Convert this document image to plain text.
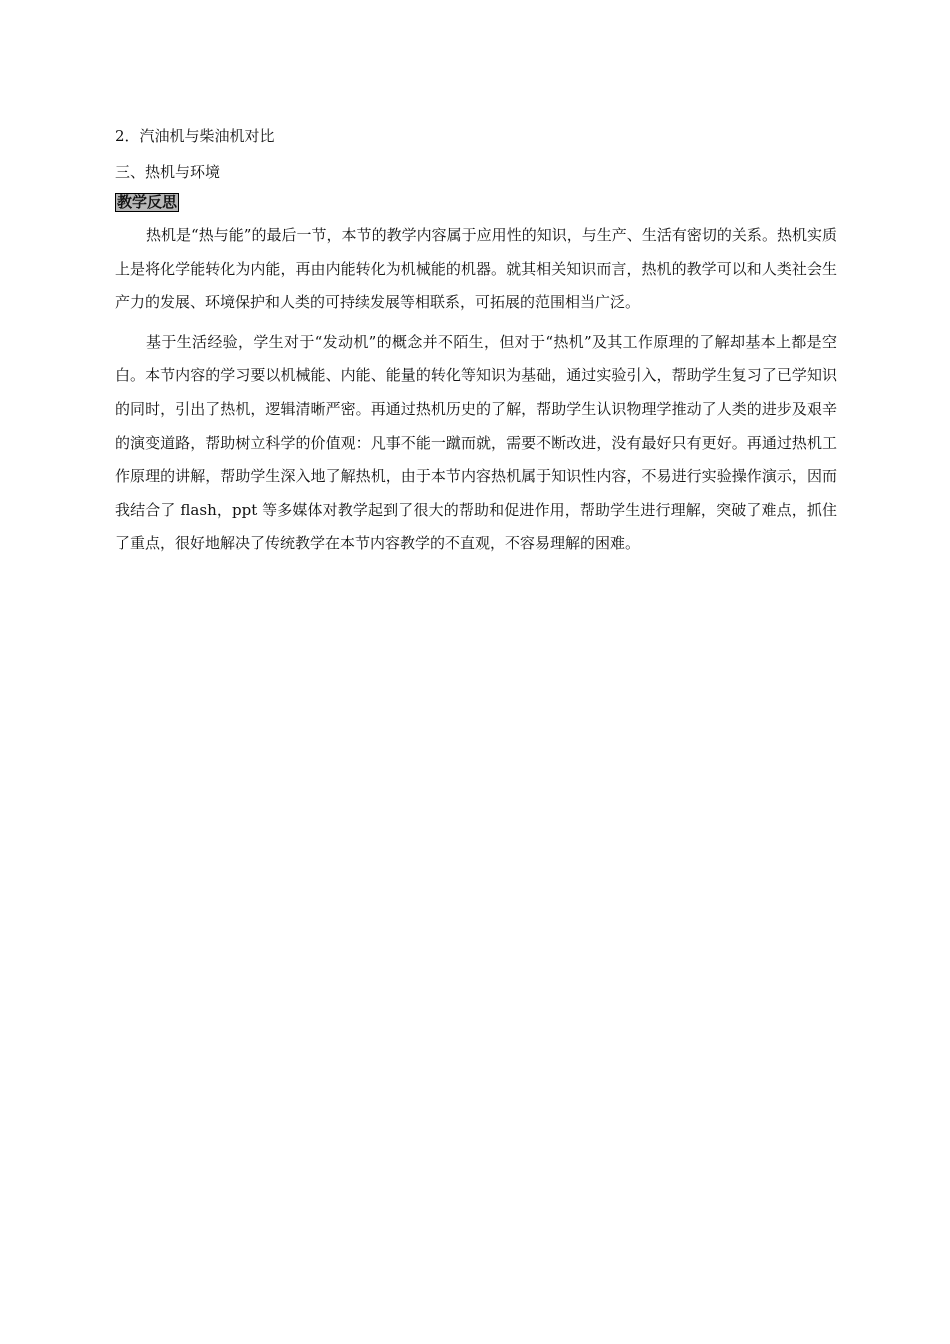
2．汽油机与柴油机对比

三、热机与环境

教学反思

热机是“热与能”的最后一节，本节的教学内容属于应用性的知识，与生产、生活有密切的关系。热机实质上是将化学能转化为内能，再由内能转化为机械能的机器。就其相关知识而言，热机的教学可以和人类社会生产力的发展、环境保护和人类的可持续发展等相联系，可拓展的范围相当广泛。

基于生活经验，学生对于“发动机”的概念并不陌生，但对于“热机”及其工作原理的了解却基本上都是空白。本节内容的学习要以机械能、内能、能量的转化等知识为基础，通过实验引入，帮助学生复习了已学知识的同时，引出了热机，逻辑清晰严密。再通过热机历史的了解，帮助学生认识物理学推动了人类的进步及艰辛的演变道路，帮助树立科学的价值观：凡事不能一蹴而就，需要不断改进，没有最好只有更好。再通过热机工作原理的讲解，帮助学生深入地了解热机，由于本节内容热机属于知识性内容，不易进行实验操作演示，因而我结合了 flash，ppt 等多媒体对教学起到了很大的帮助和促进作用，帮助学生进行理解，突破了难点，抓住了重点，很好地解决了传统教学在本节内容教学的不直观，不容易理解的困难。
